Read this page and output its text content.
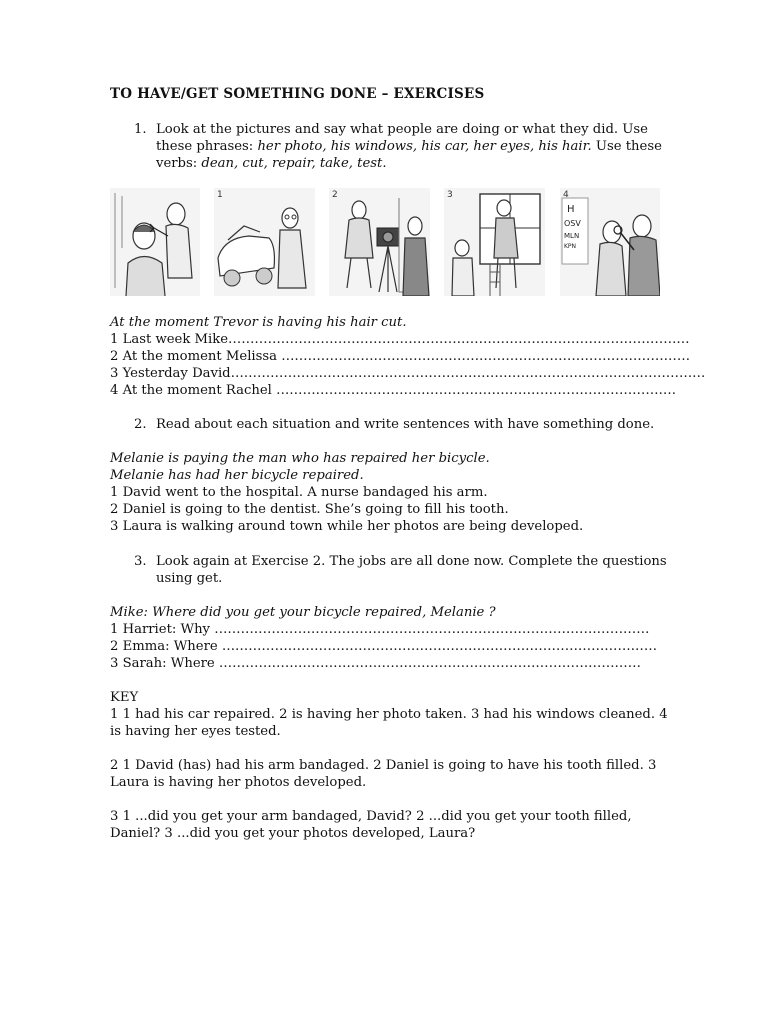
TO HAVE/GET SOMETHING DONE – EXERCISES
1. Look at the pictures and say what people are doing or what they did. Use
these phrases: her photo, his windows, his car, her eyes, his hair. Use these
verbs: dean, cut, repair, take, test.
1	2	3	4
H
OSV
MLN
KPN
At the moment Trevor is having his hair cut.
1 Last week Mike……………………………………………………………………………………………
2 At the moment Melissa …………………………………………………………………………………
3 Yesterday David………………………………………………………………………………………………
4 At the moment Rachel ……………………………………………………………………………….
2. Read about each situation and write sentences with have something done.
Melanie is paying the man who has repaired her bicycle.
Melanie has had her bicycle repaired.
1 David went to the hospital. A nurse bandaged his arm.
2 Daniel is going to the dentist. She’s going to fill his tooth.
3 Laura is walking around town while her photos are being developed.
3. Look again at Exercise 2. The jobs are all done now. Complete the questions
using get.
Mike: Where did you get your bicycle repaired, Melanie ?
1 Harriet: Why ………………………………………………………………………………………
2 Emma: Where ………………………………………………………………………………………
3 Sarah: Where ……………………………………………………………………………………
KEY
1 1 had his car repaired. 2 is having her photo taken. 3 had his windows cleaned. 4
is having her eyes tested.
2 1 David (has) had his arm bandaged. 2 Daniel is going to have his tooth filled. 3
Laura is having her photos developed.
3 1 ...did you get your arm bandaged, David? 2 ...did you get your tooth filled,
Daniel? 3 ...did you get your photos developed, Laura?
